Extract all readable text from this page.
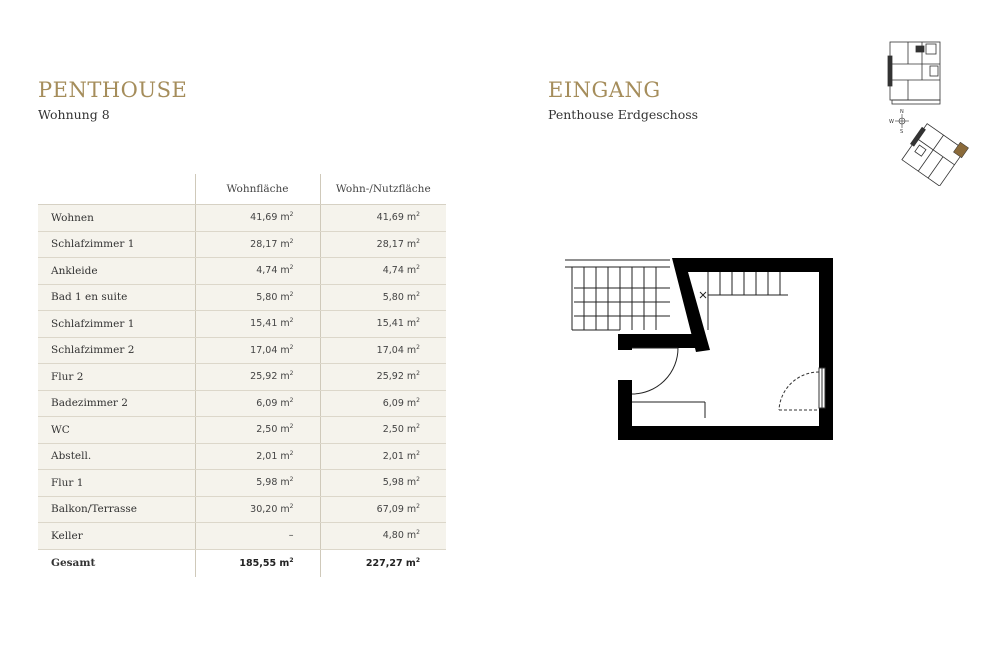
PENTHOUSE

Wohnung 8

EINGANG

Penthouse Erdgeschoss

	Wohnfläche	Wohn-/Nutzfläche
Wohnen	41,69 $m^2$	41,69 $m^2$
Schlafzimmer 1	28,17 $m^2$	28,17 $m^2$
Ankleide	4,74 $m^2$	4,74 $m^2$
Bad 1 en suite	5,80 $m^2$	5,80 $m^2$
Schlafzimmer 1	15,41 $m^2$	15,41 $m^2$
Schlafzimmer 2	17,04 $m^2$	17,04 $m^2$
Flur 2	25,92 $m^2$	25,92 $m^2$
Badezimmer 2	6,09 $m^2$	6,09 $m^2$
WC	2,50 $m^2$	2,50 $m^2$
Abstell.	2,01 $m^2$	2,01 $m^2$
Flur 1	5,98 $m^2$	5,98 $m^2$
Balkon/Terrasse	30,20 $m^2$	67,09 $m^2$
Keller	–	4,80 $m^2$
Gesamt	185,55 $m^2$	227,27 $m^2$
N
W
S
